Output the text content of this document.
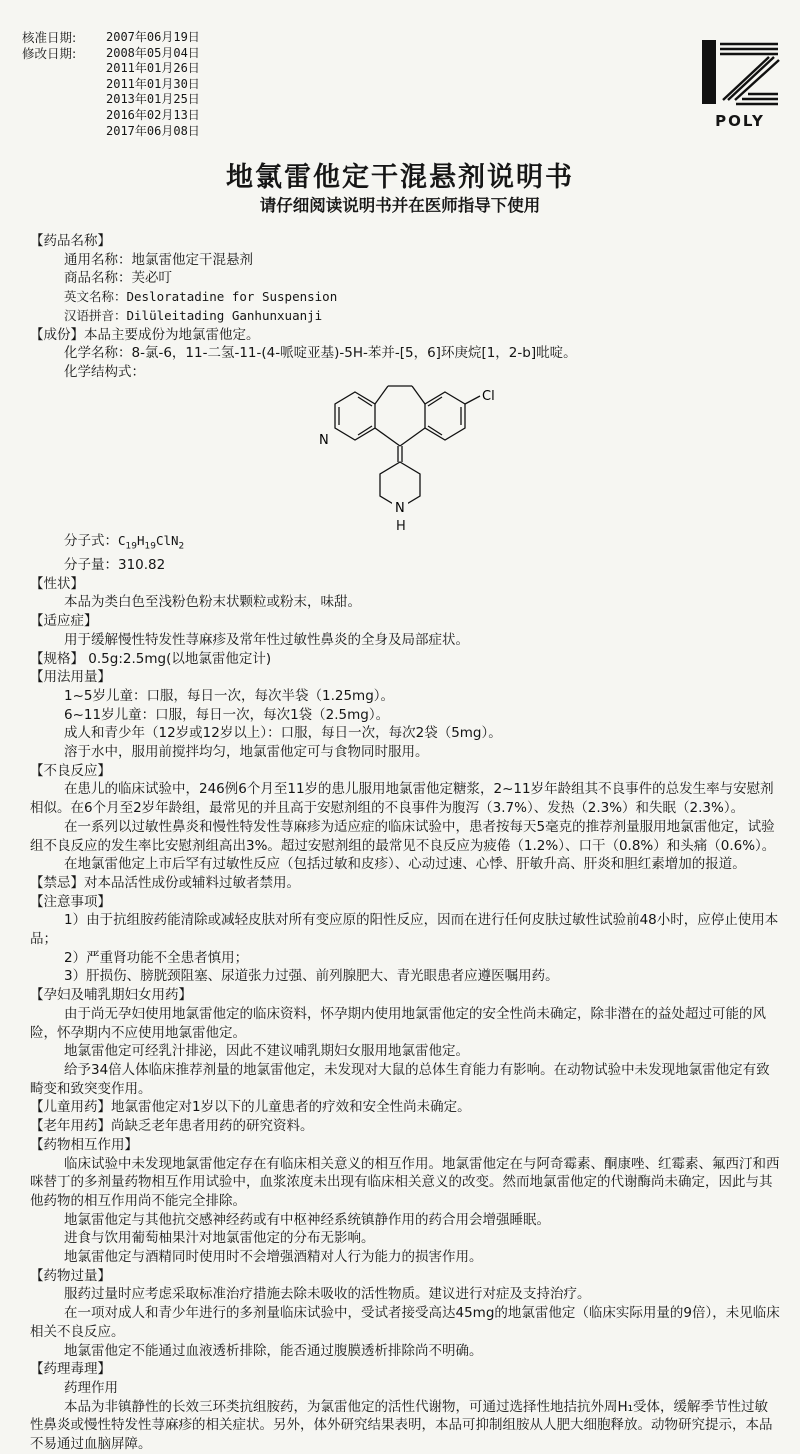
核准日期:	2007年06月19日
修改日期:	2008年05月04日
2011年01月26日
2011年01月30日
2013年01月25日
2016年02月13日
2017年06月08日
POLY
地氯雷他定干混悬剂说明书
请仔细阅读说明书并在医师指导下使用

【药品名称】

通用名称：地氯雷他定干混悬剂

商品名称：芙必叮

英文名称：Desloratadine for Suspension

汉语拼音：Dilüleitading Ganhunxuanji

【成份】本品主要成份为地氯雷他定。

化学名称：8-氯-6，11-二氢-11-(4-哌啶亚基)-5H-苯并-[5，6]环庚烷[1，2-b]吡啶。

化学结构式：

Cl
N
N
H

分子式：$C_{19}H_{19}ClN_2$

分子量：310.82

【性状】

本品为类白色至浅粉色粉末状颗粒或粉末，味甜。

【适应症】

用于缓解慢性特发性荨麻疹及常年性过敏性鼻炎的全身及局部症状。

【规格】 0.5g:2.5mg(以地氯雷他定计)

【用法用量】

1~5岁儿童：口服，每日一次，每次半袋（1.25mg）。

6~11岁儿童：口服，每日一次，每次1袋（2.5mg）。

成人和青少年（12岁或12岁以上）：口服，每日一次，每次2袋（5mg）。

溶于水中，服用前搅拌均匀，地氯雷他定可与食物同时服用。

【不良反应】

在患儿的临床试验中，246例6个月至11岁的患儿服用地氯雷他定糖浆，2~11岁年龄组其不良事件的总发生率与安慰剂相似。在6个月至2岁年龄组，最常见的并且高于安慰剂组的不良事件为腹泻（3.7%）、发热（2.3%）和失眠（2.3%）。

在一系列以过敏性鼻炎和慢性特发性荨麻疹为适应症的临床试验中，患者按每天5毫克的推荐剂量服用地氯雷他定，试验组不良反应的发生率比安慰剂组高出3%。超过安慰剂组的最常见不良反应为疲倦（1.2%）、口干（0.8%）和头痛（0.6%）。

在地氯雷他定上市后罕有过敏性反应（包括过敏和皮疹）、心动过速、心悸、肝敏升高、肝炎和胆红素增加的报道。

【禁忌】对本品活性成份或辅料过敏者禁用。

【注意事项】

1）由于抗组胺药能清除或减轻皮肤对所有变应原的阳性反应，因而在进行任何皮肤过敏性试验前48小时，应停止使用本品；

2）严重肾功能不全患者慎用；

3）肝损伤、膀胱颈阻塞、尿道张力过强、前列腺肥大、青光眼患者应遵医嘱用药。

【孕妇及哺乳期妇女用药】

由于尚无孕妇使用地氯雷他定的临床资料，怀孕期内使用地氯雷他定的安全性尚未确定，除非潜在的益处超过可能的风险，怀孕期内不应使用地氯雷他定。

地氯雷他定可经乳汁排泌，因此不建议哺乳期妇女服用地氯雷他定。

给予34倍人体临床推荐剂量的地氯雷他定，未发现对大鼠的总体生育能力有影响。在动物试验中未发现地氯雷他定有致畸变和致突变作用。

【儿童用药】地氯雷他定对1岁以下的儿童患者的疗效和安全性尚未确定。

【老年用药】尚缺乏老年患者用药的研究资料。

【药物相互作用】

临床试验中未发现地氯雷他定存在有临床相关意义的相互作用。地氯雷他定在与阿奇霉素、酮康唑、红霉素、氟西汀和西咪替丁的多剂量药物相互作用试验中，血浆浓度未出现有临床相关意义的改变。然而地氯雷他定的代谢酶尚未确定，因此与其他药物的相互作用尚不能完全排除。

地氯雷他定与其他抗交感神经药或有中枢神经系统镇静作用的药合用会增强睡眠。

进食与饮用葡萄柚果汁对地氯雷他定的分布无影响。

地氯雷他定与酒精同时使用时不会增强酒精对人行为能力的损害作用。

【药物过量】

服药过量时应考虑采取标准治疗措施去除未吸收的活性物质。建议进行对症及支持治疗。

在一项对成人和青少年进行的多剂量临床试验中，受试者接受高达45mg的地氯雷他定（临床实际用量的9倍），未见临床相关不良反应。

地氯雷他定不能通过血液透析排除，能否通过腹膜透析排除尚不明确。

【药理毒理】

药理作用

本品为非镇静性的长效三环类抗组胺药，为氯雷他定的活性代谢物，可通过选择性地拮抗外周H₁受体，缓解季节性过敏性鼻炎或慢性特发性荨麻疹的相关症状。另外，体外研究结果表明，本品可抑制组胺从人肥大细胞释放。动物研究提示，本品不易通过血脑屏障。
